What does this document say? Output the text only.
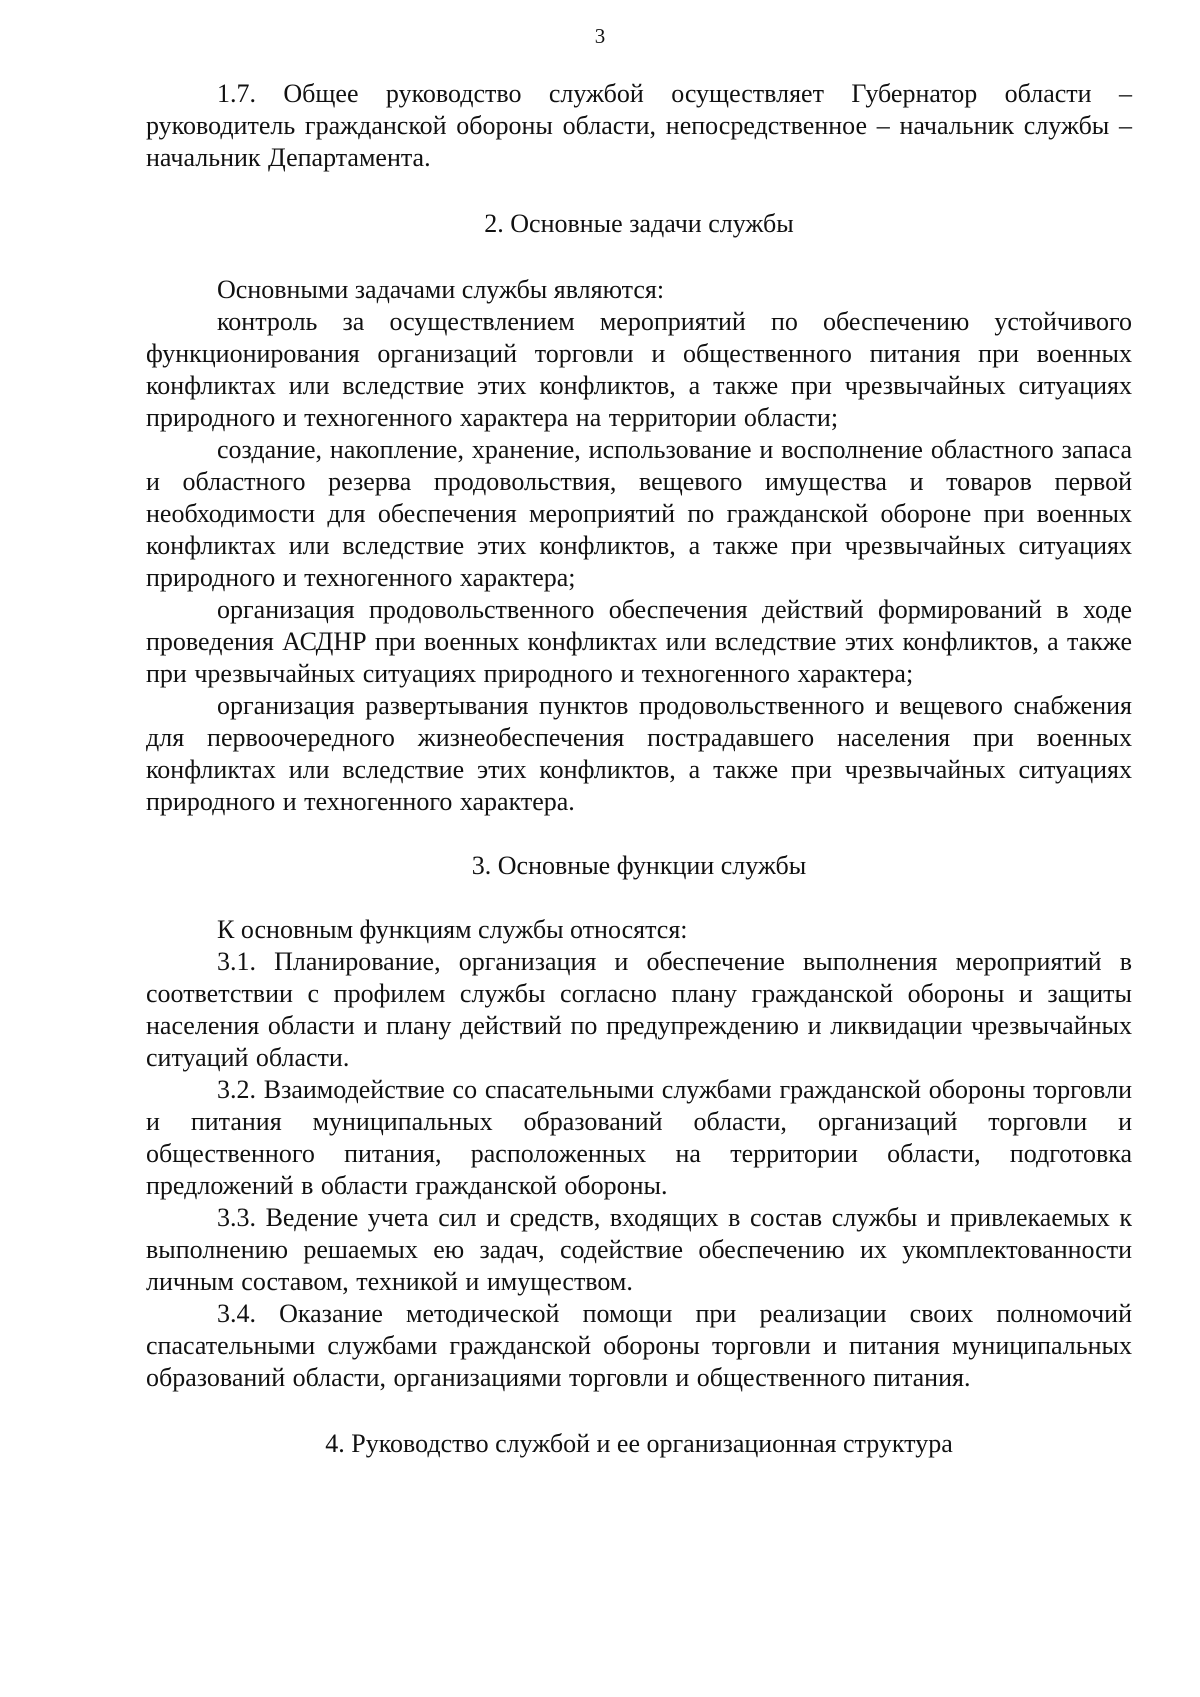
3

1.7. Общее руководство службой осуществляет Губернатор области – руководитель гражданской обороны области, непосредственное – начальник службы – начальник Департамента.

2. Основные задачи службы

Основными задачами службы являются:

контроль за осуществлением мероприятий по обеспечению устойчивого функционирования организаций торговли и общественного питания при военных конфликтах или вследствие этих конфликтов, а также при чрезвычайных ситуациях природного и техногенного характера на территории области;

создание, накопление, хранение, использование и восполнение областного запаса и областного резерва продовольствия, вещевого имущества и товаров первой необходимости для обеспечения мероприятий по гражданской обороне при военных конфликтах или вследствие этих конфликтов, а также при чрезвычайных ситуациях природного и техногенного характера;

организация продовольственного обеспечения действий формирований в ходе проведения АСДНР при военных конфликтах или вследствие этих конфликтов, а также при чрезвычайных ситуациях природного и техногенного характера;

организация развертывания пунктов продовольственного и вещевого снабжения для первоочередного жизнеобеспечения пострадавшего населения при военных конфликтах или вследствие этих конфликтов, а также при чрезвычайных ситуациях природного и техногенного характера.

3. Основные функции службы

К основным функциям службы относятся:

3.1. Планирование, организация и обеспечение выполнения мероприятий в соответствии с профилем службы согласно плану гражданской обороны и защиты населения области и плану действий по предупреждению и ликвидации чрезвычайных ситуаций области.

3.2. Взаимодействие со спасательными службами гражданской обороны торговли и питания муниципальных образований области, организаций торговли и общественного питания, расположенных на территории области, подготовка предложений в области гражданской обороны.

3.3. Ведение учета сил и средств, входящих в состав службы и привлекаемых к выполнению решаемых ею задач, содействие обеспечению их укомплектованности личным составом, техникой и имуществом.

3.4. Оказание методической помощи при реализации своих полномочий спасательными службами гражданской обороны торговли и питания муниципальных образований области, организациями торговли и общественного питания.

4. Руководство службой и ее организационная структура
